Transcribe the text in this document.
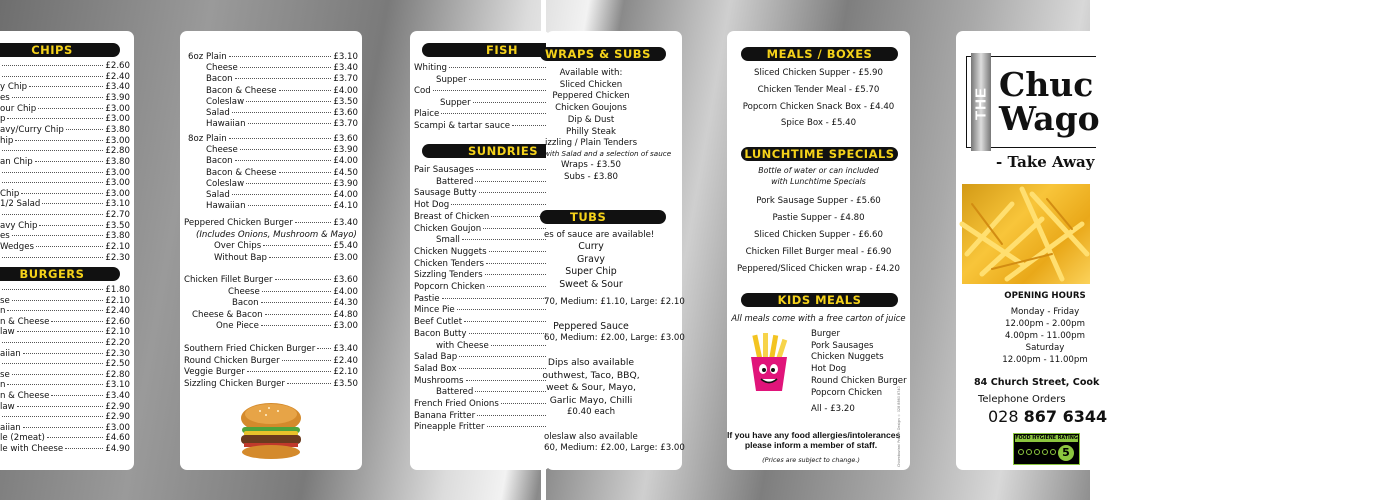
CHIPS
£2.60
£2.40
y Chip	£3.40
es	£3.90
our Chip	£3.00
p	£3.00
avy/Curry Chip	£3.80
hip	£3.00
£2.80
an Chip	£3.80
£3.00
£3.00
Chip	£3.00
1/2 Salad	£3.10
£2.70
avy Chip	£3.50
es	£3.80
Wedges	£2.10
£2.30
BURGERS
£1.80
se	£2.10
n	£2.40
n & Cheese	£2.60
law	£2.10
£2.20
aiian	£2.30
£2.50
se	£2.80
n	£3.10
n & Cheese	£3.40
law	£2.90
£2.90
aiian	£3.00
le (2meat)	£4.60
le with Cheese	£4.90
6oz Plain	£3.10
Cheese	£3.40
Bacon	£3.70
Bacon & Cheese	£4.00
Coleslaw	£3.50
Salad	£3.60
Hawaiian	£3.70
8oz Plain	£3.60
Cheese	£3.90
Bacon	£4.00
Bacon & Cheese	£4.50
Coleslaw	£3.90
Salad	£4.00
Hawaiian	£4.10
Peppered Chicken Burger	£3.40
(Includes Onions, Mushroom & Mayo)
Over Chips	£5.40
Without Bap	£3.00
Chicken Fillet Burger	£3.60
Cheese	£4.00
Bacon	£4.30
Cheese & Bacon	£4.80
One Piece	£3.00
Southern Fried Chicken Burger £3.40
Round Chicken Burger	£2.40
Veggie Burger	£2.10
Sizzling Chicken Burger	£3.50
FISH
Whiting
Supper
Cod
Supper
Plaice
Scampi & tartar sauce
SUNDRIES
Pair Sausages
Battered
Sausage Butty
Hot Dog
Breast of Chicken
Chicken Goujon
Small
Chicken Nuggets
Chicken Tenders
Sizzling Tenders
Popcorn Chicken
Pastie
Mince Pie
Beef Cutlet
Bacon Butty
with Cheese
Salad Bap
Salad Box
Mushrooms
Battered
French Fried Onions
Banana Fritter
Pineapple Fritter
WRAPS & SUBS
Available with:
Sliced Chicken
Peppered Chicken
Chicken Goujons
Dip & Dust
Philly Steak
izzling / Plain Tenders
with Salad and a selection of sauce
Wraps - £3.50
Subs - £3.80
es of sauce are available!
Curry
Gravy
Super Chip
Sweet & Sour
70, Medium: £1.10, Large: £2.10
Peppered Sauce
60, Medium: £2.00, Large: £3.00
Dips also available
outhwest, Taco, BBQ,
weet & Sour, Mayo,
Garlic Mayo, Chilli
£0.40 each
oleslaw also available
60, Medium: £2.00, Large: £3.00
TUBS
MEALS / BOXES
LUNCHTIME SPECIALS
KIDS MEALS
Sliced Chicken Supper - £5.90
Chicken Tender Meal - £5.70
Popcorn Chicken Snack Box - £4.40
Spice Box - £5.40
Bottle of water or can included
with Lunchtime Specials
Pork Sausage Supper - £5.60
Pastie Supper - £4.80
Sliced Chicken Supper - £6.60
Chicken Fillet Burger meal - £6.90
Peppered/Sliced Chicken wrap - £4.20
All meals come with a free carton of juice
Burger
Pork Sausages
Chicken Nuggets
Hot Dog
Round Chicken Burger
Popcorn Chicken
All - £3.20
If you have any food allergies/intolerances
please inform a member of staff.
(Prices are subject to change.)	Chiombozinni Print + Design ☆ 028 8860 8740
THE Chuc
Wago
- Take Away
OPENING HOURS
Monday - Friday
12.00pm - 2.00pm
4.00pm - 11.00pm
Saturday
12.00pm - 11.00pm
84 Church Street, Cook
Telephone Orders
028 867 6344
FOOD HYGIENE RATING
5
